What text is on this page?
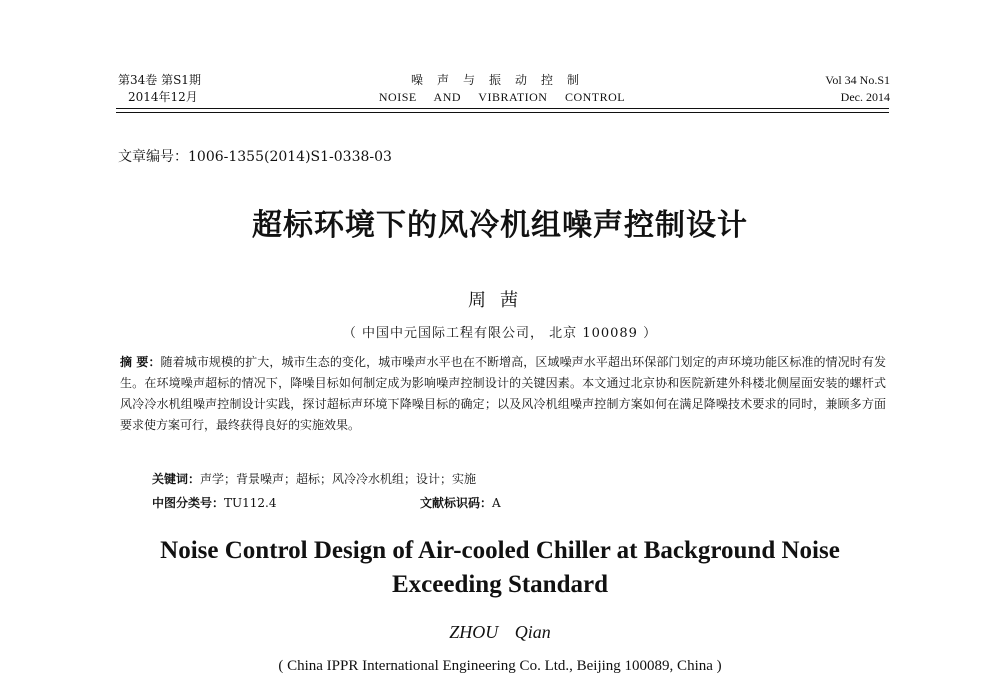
第34卷 第S1期
2014年12月
噪声与振动控制
NOISE AND VIBRATION CONTROL
Vol 34 No.S1
Dec. 2014
文章编号：1006-1355(2014)S1-0338-03
超标环境下的风冷机组噪声控制设计
周茜
（ 中国中元国际工程有限公司， 北京 100089 ）
摘 要：随着城市规模的扩大，城市生态的变化，城市噪声水平也在不断增高，区域噪声水平超出环保部门划定的声环境功能区标准的情况时有发生。在环境噪声超标的情况下，降噪目标如何制定成为影响噪声控制设计的关键因素。本文通过北京协和医院新建外科楼北侧屋面安装的螺杆式风冷冷水机组噪声控制设计实践，探讨超标声环境下降噪目标的确定；以及风冷机组噪声控制方案如何在满足降噪技术要求的同时，兼顾多方面要求使方案可行，最终获得良好的实施效果。
关键词：声学；背景噪声；超标；风冷冷水机组；设计；实施
中图分类号：TU112.4	文献标识码：A
Noise Control Design of Air-cooled Chiller at Background Noise
Exceeding Standard
ZHOU Qian
( China IPPR International Engineering Co. Ltd., Beijing 100089, China )
